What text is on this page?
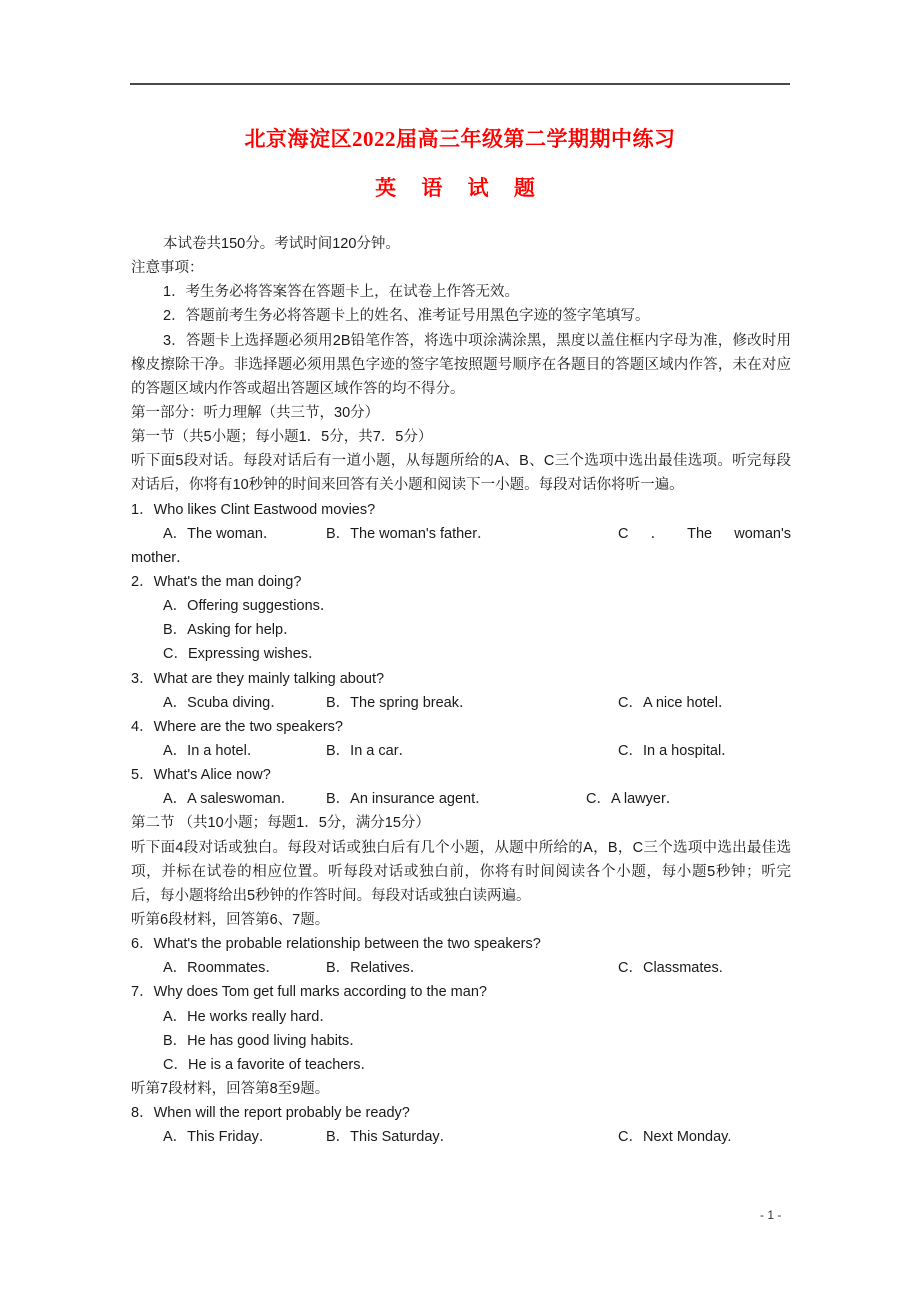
北京海淀区2022届高三年级第二学期期中练习
英 语 试 题
本试卷共150分。考试时间120分钟。
注意事项：
1．考生务必将答案答在答题卡上，在试卷上作答无效。
2．答题前考生务必将答题卡上的姓名、准考证号用黑色字迹的签字笔填写。
3．答题卡上选择题必须用2B铅笔作答，将选中项涂满涂黑，黑度以盖住框内字母为准，修改时用橡皮擦除干净。非选择题必须用黑色字迹的签字笔按照题号顺序在各题目的答题区域内作答，未在对应的答题区域内作答或超出答题区域作答的均不得分。
第一部分：听力理解（共三节，30分）
第一节（共5小题；每小题1．5分，共7．5分）
听下面5段对话。每段对话后有一道小题，从每题所给的A、B、C三个选项中选出最佳选项。听完每段对话后，你将有10秒钟的时间来回答有关小题和阅读下一小题。每段对话你将听一遍。
1．Who likes Clint Eastwood movies?
A．The woman．	B．The woman's father．	C ． The woman's
mother．
2．What's the man doing?
A．Offering suggestions．
B．Asking for help．
C．Expressing wishes．
3．What are they mainly talking about?
A．Scuba diving．	B．The spring break．	C．A nice hotel．
4．Where are the two speakers?
A．In a hotel．	B．In a car．	C．In a hospital．
5．What's Alice now?
A．A saleswoman． B．An insurance agent．	C．A lawyer．
第二节 （共10小题；每题1．5分，满分15分）
听下面4段对话或独白。每段对话或独白后有几个小题，从题中所给的A，B，C三个选项中选出最佳选项，并标在试卷的相应位置。听每段对话或独白前，你将有时间阅读各个小题，每小题5秒钟；听完后，每小题将给出5秒钟的作答时间。每段对话或独白读两遍。
听第6段材料，回答第6、7题。
6．What's the probable relationship between the two speakers?
A．Roommates．	B．Relatives．	C．Classmates.
7．Why does Tom get full marks according to the man?
A．He works really hard．
B．He has good living habits．
C．He is a favorite of teachers．
听第7段材料，回答第8至9题。
8．When will the report probably be ready?
A．This Friday．	B．This Saturday．	C．Next Monday.
- 1 -
